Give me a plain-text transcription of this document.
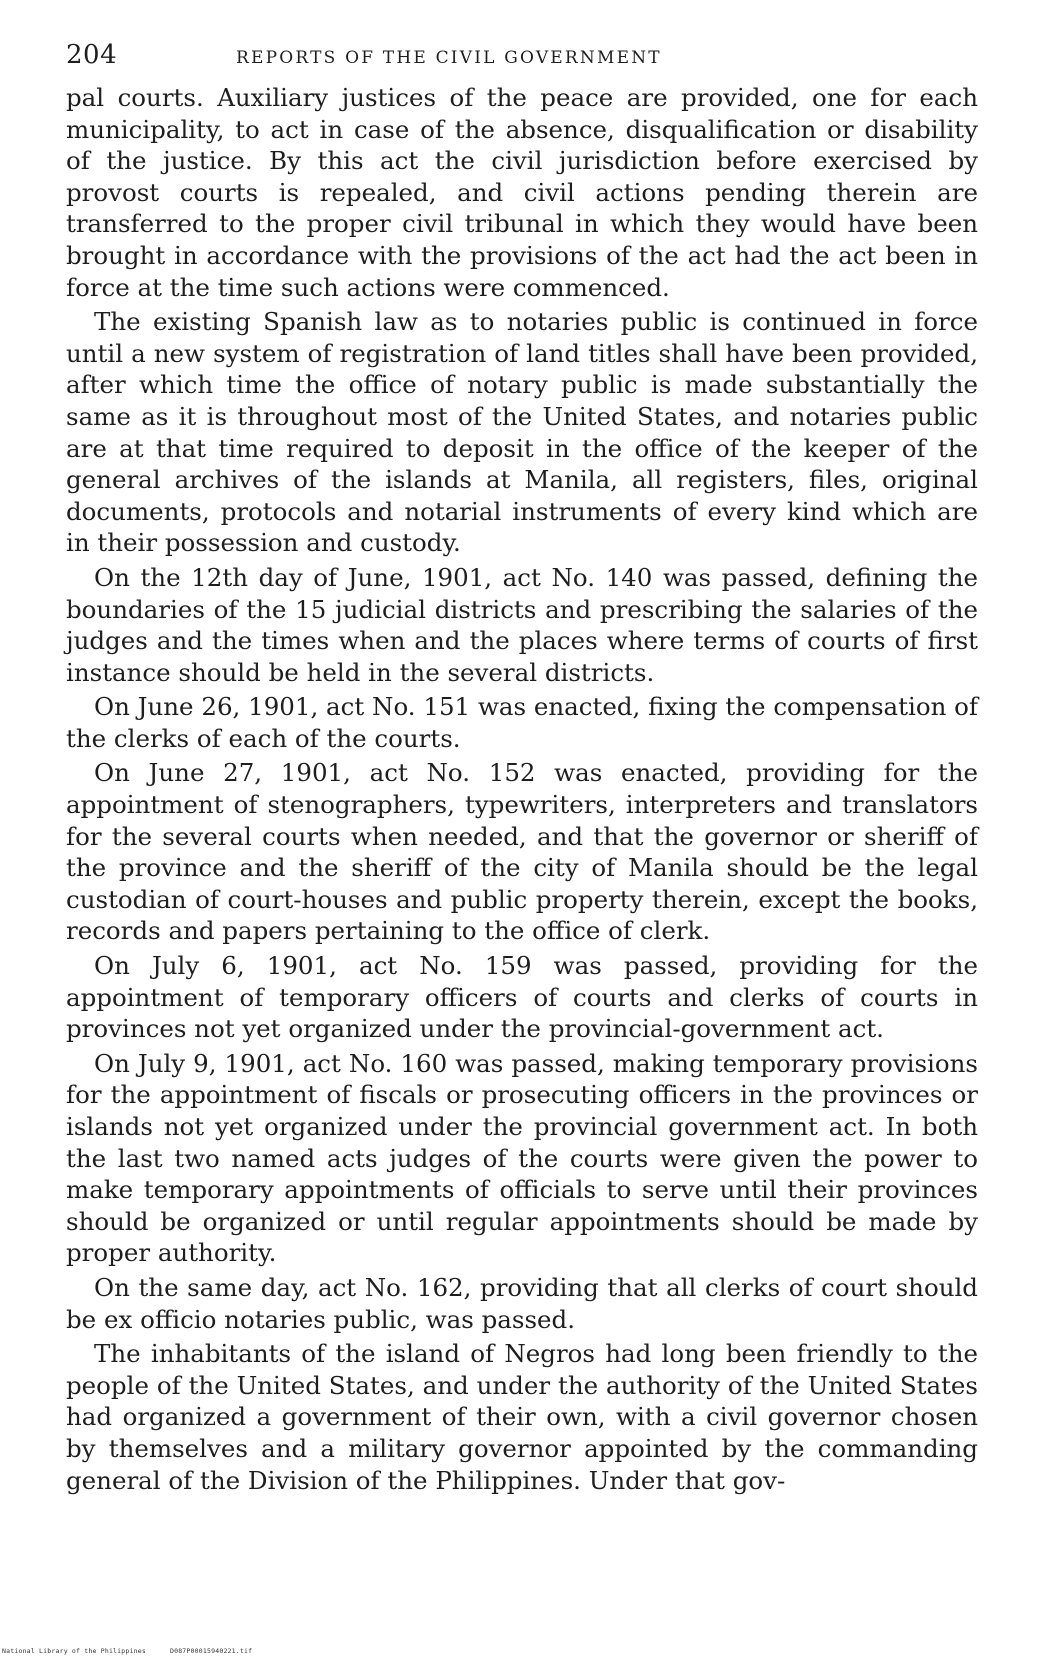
204	REPORTS OF THE CIVIL GOVERNMENT

pal courts. Auxiliary justices of the peace are provided, one for each municipality, to act in case of the absence, disqualification or disability of the justice. By this act the civil jurisdiction before exercised by provost courts is repealed, and civil actions pending therein are transferred to the proper civil tribunal in which they would have been brought in accordance with the provisions of the act had the act been in force at the time such actions were commenced.

The existing Spanish law as to notaries public is continued in force until a new system of registration of land titles shall have been provided, after which time the office of notary public is made substantially the same as it is throughout most of the United States, and notaries public are at that time required to deposit in the office of the keeper of the general archives of the islands at Manila, all registers, files, original documents, protocols and notarial instruments of every kind which are in their possession and custody.

On the 12th day of June, 1901, act No. 140 was passed, defining the boundaries of the 15 judicial districts and prescribing the salaries of the judges and the times when and the places where terms of courts of first instance should be held in the several districts.

On June 26, 1901, act No. 151 was enacted, fixing the compensation of the clerks of each of the courts.

On June 27, 1901, act No. 152 was enacted, providing for the appointment of stenographers, typewriters, interpreters and translators for the several courts when needed, and that the governor or sheriff of the province and the sheriff of the city of Manila should be the legal custodian of court-houses and public property therein, except the books, records and papers pertaining to the office of clerk.

On July 6, 1901, act No. 159 was passed, providing for the appointment of temporary officers of courts and clerks of courts in provinces not yet organized under the provincial-government act.

On July 9, 1901, act No. 160 was passed, making temporary provisions for the appointment of fiscals or prosecuting officers in the provinces or islands not yet organized under the provincial government act. In both the last two named acts judges of the courts were given the power to make temporary appointments of officials to serve until their provinces should be organized or until regular appointments should be made by proper authority.

On the same day, act No. 162, providing that all clerks of court should be ex officio notaries public, was passed.

The inhabitants of the island of Negros had long been friendly to the people of the United States, and under the authority of the United States had organized a government of their own, with a civil governor chosen by themselves and a military governor appointed by the commanding general of the Division of the Philippines. Under that gov-

National Library of the Philippines	D087P00015940221.tif
